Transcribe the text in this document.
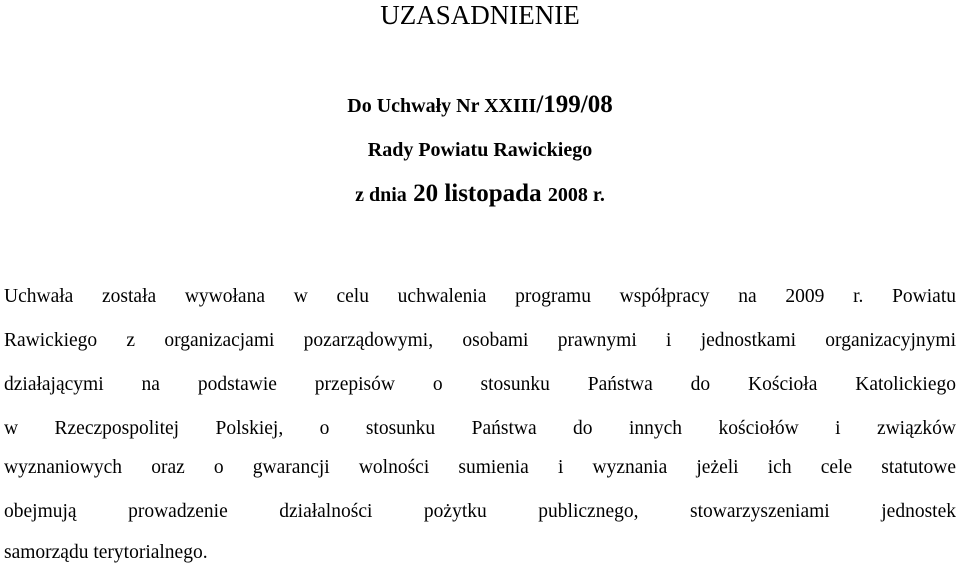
UZASADNIENIE
Do Uchwały Nr XXIII/199/08
Rady Powiatu Rawickiego
z dnia 20 listopada 2008 r.

Uchwała została wywołana w celu uchwalenia programu współpracy na 2009 r. Powiatu

Rawickiego z organizacjami pozarządowymi, osobami prawnymi i jednostkami organizacyjnymi

działającymi na podstawie przepisów o stosunku Państwa do Kościoła Katolickiego

w Rzeczpospolitej Polskiej, o stosunku Państwa do innych kościołów i związków

wyznaniowych oraz o gwarancji wolności sumienia i wyznania jeżeli ich cele statutowe

obejmują prowadzenie działalności pożytku publicznego, stowarzyszeniami jednostek

samorządu terytorialnego.
